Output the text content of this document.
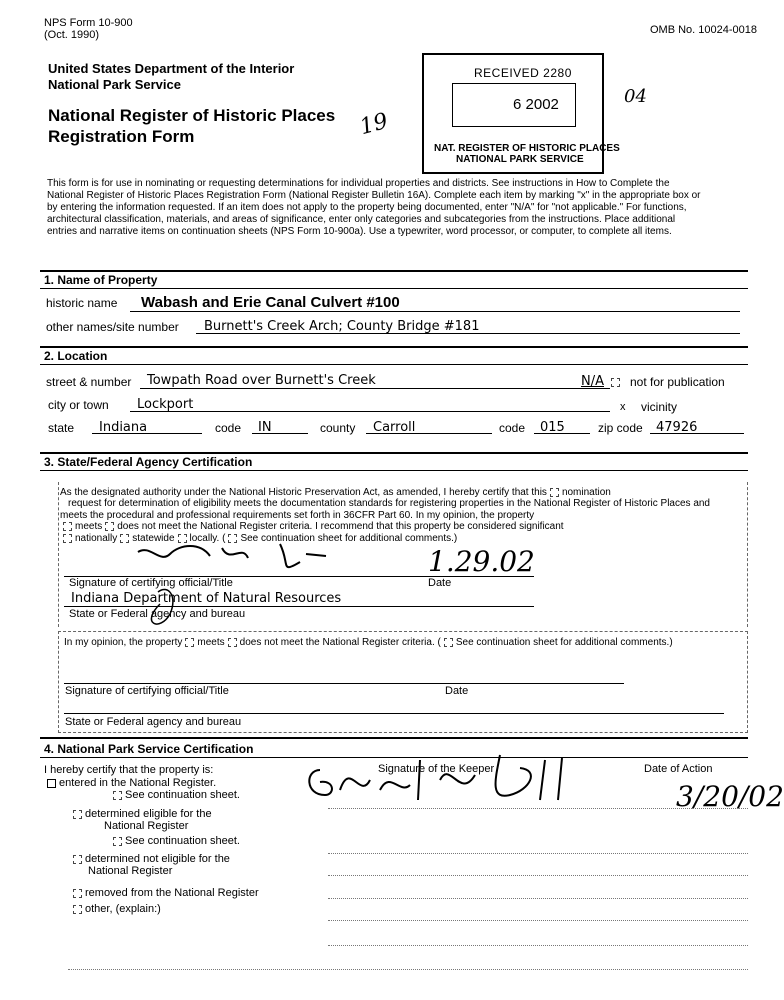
NPS Form 10-900
(Oct. 1990)	OMB No. 10024-0018
United States Department of the Interior
National Park Service
National Register of Historic Places
Registration Form
RECEIVED 2280
6 2002
NAT. REGISTER OF HISTORIC PLACES
NATIONAL PARK SERVICE
19
04
This form is for use in nominating or requesting determinations for individual properties and districts. See instructions in How to Complete the National Register of Historic Places Registration Form (National Register Bulletin 16A). Complete each item by marking "x" in the appropriate box or by entering the information requested. If an item does not apply to the property being documented, enter "N/A" for "not applicable." For functions, architectural classification, materials, and areas of significance, enter only categories and subcategories from the instructions. Place additional entries and narrative items on continuation sheets (NPS Form 10-900a). Use a typewriter, word processor, or computer, to complete all items.
1. Name of Property
historic name Wabash and Erie Canal Culvert #100
other names/site number Burnett's Creek Arch; County Bridge #181
2. Location
street & number Towpath Road over Burnett's Creek	N/A not for publication
city or town Lockport	x vicinity
state Indiana	code IN	county Carroll	code 015	zip code 47926
3. State/Federal Agency Certification
As the designated authority under the National Historic Preservation Act, as amended, I hereby certify that this nomination
request for determination of eligibility meets the documentation standards for registering properties in the National Register of Historic Places and meets the procedural and professional requirements set forth in 36CFR Part 60. In my opinion, the property
meets does not meet the National Register criteria. I recommend that this property be considered significant
nationally statewide locally. ( See continuation sheet for additional comments.)
1.29.02
Signature of certifying official/Title	Date
Indiana Department of Natural Resources
State or Federal agency and bureau
In my opinion, the property meets does not meet the National Register criteria. ( See continuation sheet for additional comments.)
Signature of certifying official/Title	Date
State or Federal agency and bureau
4. National Park Service Certification
I hereby certify that the property is:
entered in the National Register.
See continuation sheet.
determined eligible for the
National Register
See continuation sheet.
determined not eligible for the
National Register
removed from the National Register
other, (explain:)
Signature of the Keeper	Date of Action
3/20/02
